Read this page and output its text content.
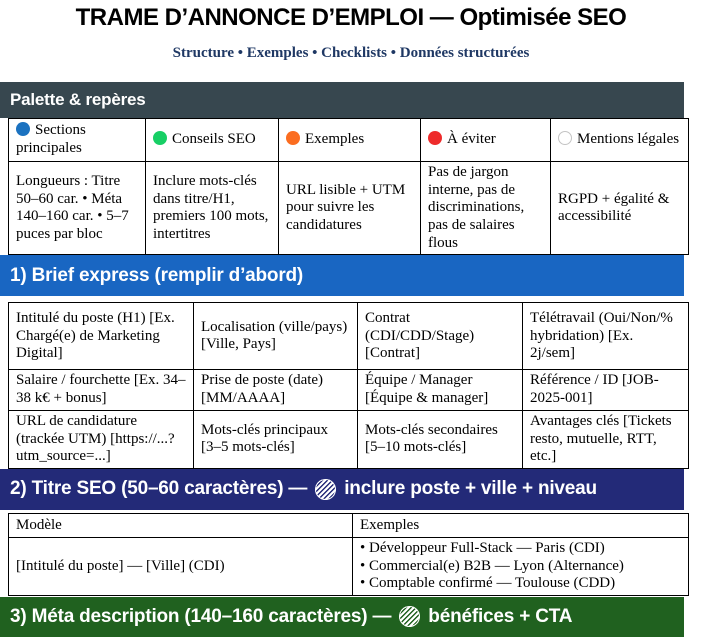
TRAME D’ANNONCE D’EMPLOI — Optimisée SEO
Structure • Exemples • Checklists • Données structurées
Palette & repères
Sections principales	Conseils SEO	Exemples	À éviter	Mentions légales
Longueurs : Titre 50–60 car. • Méta 140–160 car. • 5–7 puces par bloc	Inclure mots-clés dans titre/H1, premiers 100 mots, intertitres	URL lisible + UTM pour suivre les candidatures	Pas de jargon interne, pas de discriminations, pas de salaires flous	RGPD + égalité & accessibilité
1) Brief express (remplir d’abord)
Intitulé du poste (H1) [Ex. Chargé(e) de Marketing Digital]	Localisation (ville/pays) [Ville, Pays]	Contrat (CDI/CDD/Stage) [Contrat]	Télétravail (Oui/Non/% hybridation) [Ex. 2j/sem]
Salaire / fourchette [Ex. 34–38 k€ + bonus]	Prise de poste (date) [MM/AAAA]	Équipe / Manager [Équipe & manager]	Référence / ID [JOB-2025-001]
URL de candidature (trackée UTM) [https://...?utm_source=...]	Mots-clés principaux [3–5 mots-clés]	Mots-clés secondaires [5–10 mots-clés]	Avantages clés [Tickets resto, mutuelle, RTT, etc.]
2) Titre SEO (50–60 caractères) — inclure poste + ville + niveau
Modèle	Exemples
[Intitulé du poste] — [Ville] (CDI)	• Développeur Full-Stack — Paris (CDI)
• Commercial(e) B2B — Lyon (Alternance)
• Comptable confirmé — Toulouse (CDD)
3) Méta description (140–160 caractères) — bénéfices + CTA
